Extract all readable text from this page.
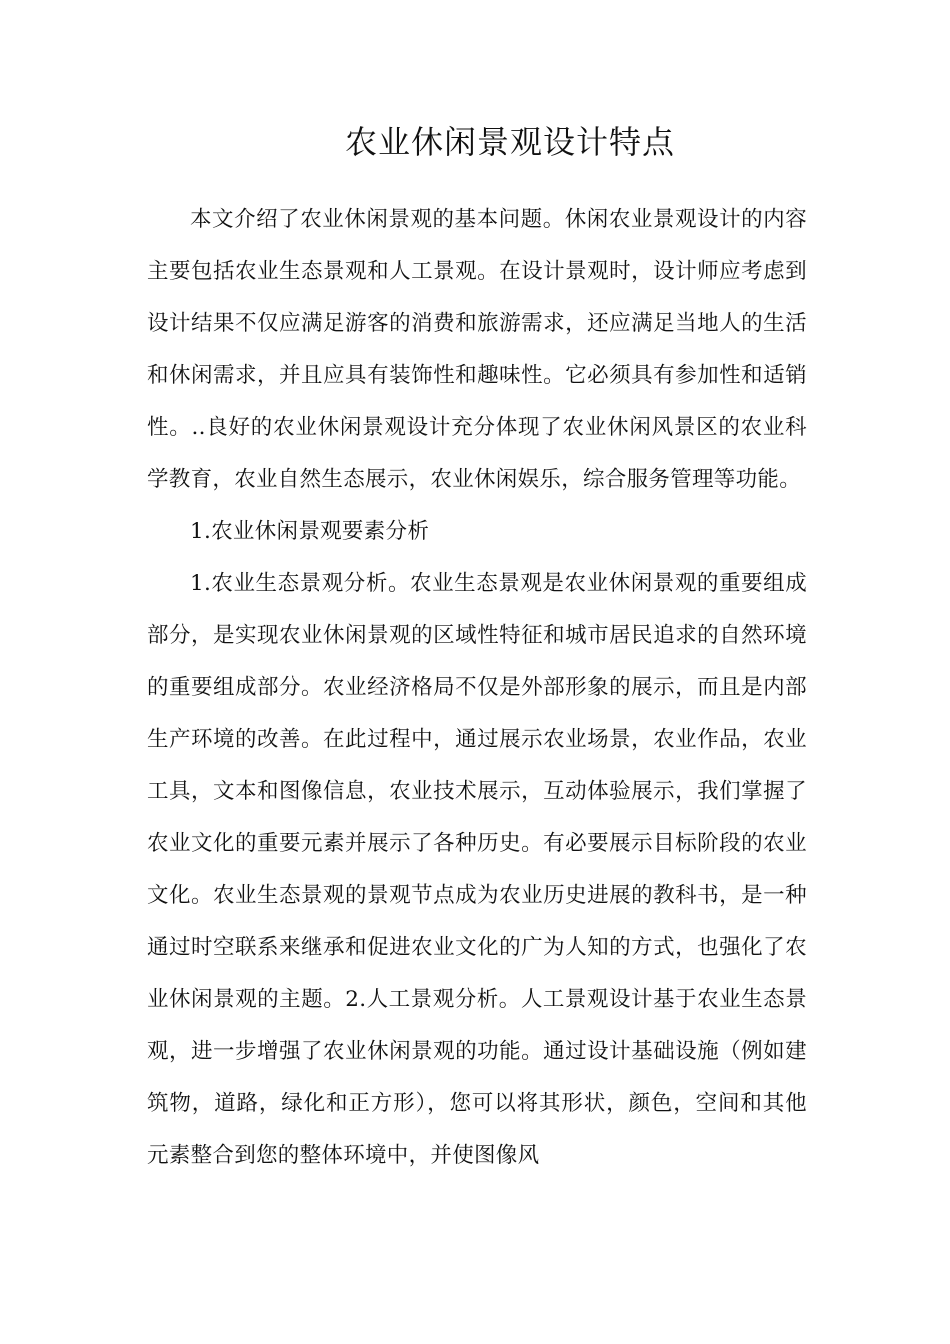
农业休闲景观设计特点

本文介绍了农业休闲景观的基本问题。休闲农业景观设计的内容主要包括农业生态景观和人工景观。在设计景观时，设计师应考虑到设计结果不仅应满足游客的消费和旅游需求，还应满足当地人的生活和休闲需求，并且应具有装饰性和趣味性。它必须具有参加性和适销性。..良好的农业休闲景观设计充分体现了农业休闲风景区的农业科学教育，农业自然生态展示，农业休闲娱乐，综合服务管理等功能。

1.农业休闲景观要素分析

1.农业生态景观分析。农业生态景观是农业休闲景观的重要组成部分，是实现农业休闲景观的区域性特征和城市居民追求的自然环境的重要组成部分。农业经济格局不仅是外部形象的展示，而且是内部生产环境的改善。在此过程中，通过展示农业场景，农业作品，农业工具，文本和图像信息，农业技术展示，互动体验展示，我们掌握了农业文化的重要元素并展示了各种历史。有必要展示目标阶段的农业文化。农业生态景观的景观节点成为农业历史进展的教科书，是一种通过时空联系来继承和促进农业文化的广为人知的方式，也强化了农业休闲景观的主题。2.人工景观分析。人工景观设计基于农业生态景观，进一步增强了农业休闲景观的功能。通过设计基础设施（例如建筑物，道路，绿化和正方形），您可以将其形状，颜色，空间和其他元素整合到您的整体环境中，并使图像风
